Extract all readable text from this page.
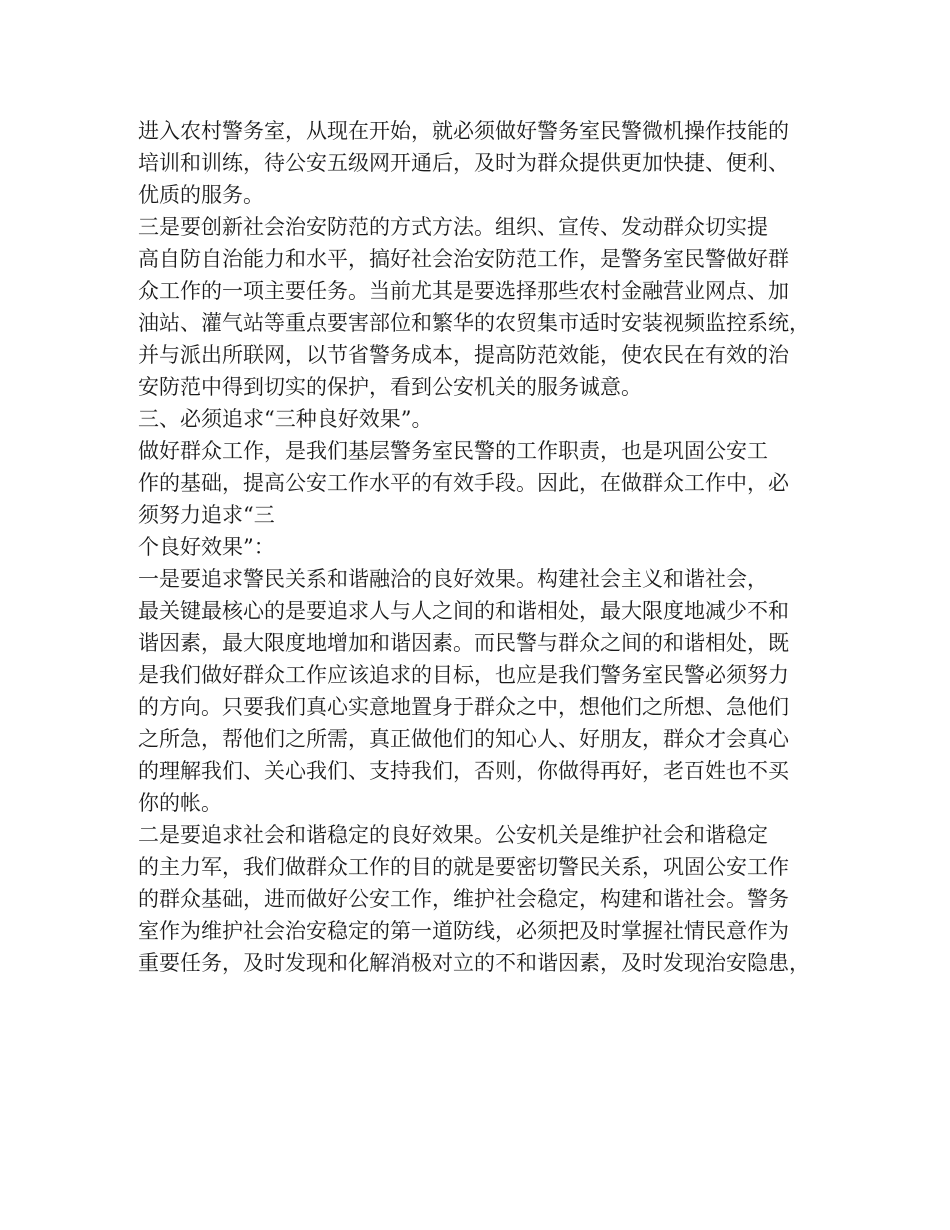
进入农村警务室，从现在开始，就必须做好警务室民警微机操作技能的
培训和训练，待公安五级网开通后，及时为群众提供更加快捷、便利、
优质的服务。
三是要创新社会治安防范的方式方法。组织、宣传、发动群众切实提
高自防自治能力和水平，搞好社会治安防范工作，是警务室民警做好群
众工作的一项主要任务。当前尤其是要选择那些农村金融营业网点、加
油站、灌气站等重点要害部位和繁华的农贸集市适时安装视频监控系统，
并与派出所联网，以节省警务成本，提高防范效能，使农民在有效的治
安防范中得到切实的保护，看到公安机关的服务诚意。
三、必须追求“三种良好效果”。
做好群众工作，是我们基层警务室民警的工作职责，也是巩固公安工
作的基础，提高公安工作水平的有效手段。因此，在做群众工作中，必
须努力追求“三
个良好效果”：
一是要追求警民关系和谐融洽的良好效果。构建社会主义和谐社会，
最关键最核心的是要追求人与人之间的和谐相处，最大限度地减少不和
谐因素，最大限度地增加和谐因素。而民警与群众之间的和谐相处，既
是我们做好群众工作应该追求的目标，也应是我们警务室民警必须努力
的方向。只要我们真心实意地置身于群众之中，想他们之所想、急他们
之所急，帮他们之所需，真正做他们的知心人、好朋友，群众才会真心
的理解我们、关心我们、支持我们，否则，你做得再好，老百姓也不买
你的帐。
二是要追求社会和谐稳定的良好效果。公安机关是维护社会和谐稳定
的主力军，我们做群众工作的目的就是要密切警民关系，巩固公安工作
的群众基础，进而做好公安工作，维护社会稳定，构建和谐社会。警务
室作为维护社会治安稳定的第一道防线，必须把及时掌握社情民意作为
重要任务，及时发现和化解消极对立的不和谐因素，及时发现治安隐患，
